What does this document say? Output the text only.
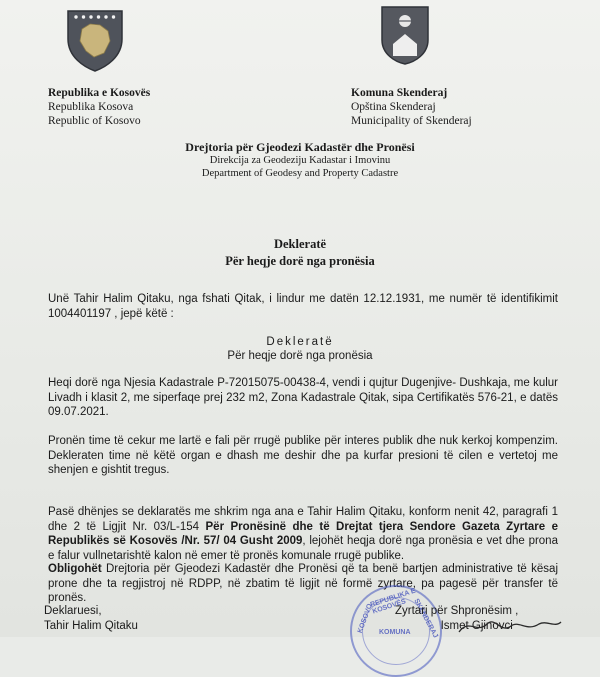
Republika e Kosovës
Republika Kosova
Republic of Kosovo
Komuna Skenderaj
Opština Skenderaj
Municipality of Skenderaj
Drejtoria për Gjeodezi Kadastër dhe Pronësi
Direkcija za Geodeziju Kadastar i Imovinu
Department of Geodesy and Property Cadastre
Dekleratë
Për heqje dorë nga pronësia
Unë Tahir Halim Qitaku, nga fshati Qitak, i lindur me datën 12.12.1931, me numër të identifikimit 1004401197 , jepë këtë :
Dekleratë
Për heqje dorë nga pronësia
Heqi dorë nga Njesia Kadastrale P-72015075-00438-4, vendi i qujtur Dugenjive- Dushkaja, me kulur Livadh i klasit 2, me siperfaqe prej 232 m2, Zona Kadastrale Qitak, sipa Certifikatës 576-21, e datës 09.07.2021.
Pronën time të cekur me lartë e fali për rrugë publike për interes publik dhe nuk kerkoj kompenzim. Dekleraten time në këtë organ e dhash me deshir dhe pa kurfar presioni të cilen e vertetoj me shenjen e gishtit tregus.
Pasë dhënjes se deklaratës me shkrim nga ana e Tahir Halim Qitaku, konform nenit 42, paragrafi 1 dhe 2 të Ligjit Nr. 03/L-154 Për Pronësinë dhe të Drejtat tjera Sendore Gazeta Zyrtare e Republikës së Kosovës /Nr. 57/ 04 Gusht 2009, lejohët heqja dorë nga pronësia e vet dhe prona e falur vullnetarishtë kalon në emer të pronës komunale rrugë publike.
Obligohët Drejtoria për Gjeodezi Kadastër dhe Pronësi që ta benë bartjen administrative të kësaj prone dhe ta regjistroj në RDPP, në zbatim të ligjit në formë zyrtare, pa pagesë për transfer të pronës.	REPUBLIKA E KOSOVËS
KOSOVO	SKENDERAJ
KOMUNA
Deklaruesi,
Tahir Halim Qitaku
Zyrtari për Shpronësim ,
Ismet Gjinovci
